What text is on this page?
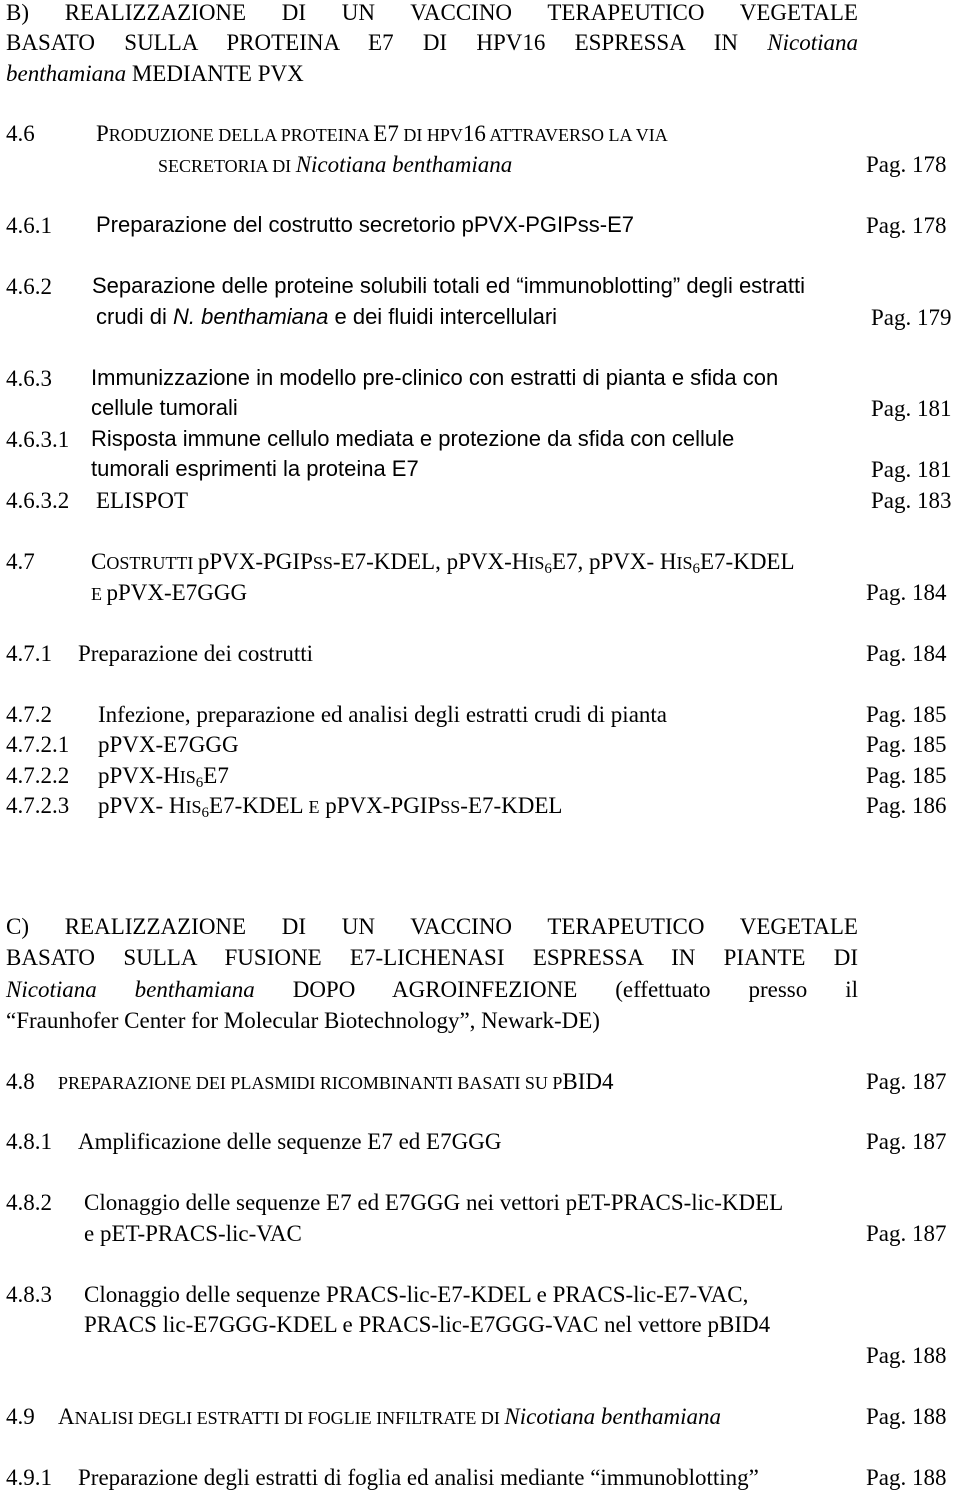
B) REALIZZAZIONE DI UN VACCINO TERAPEUTICO VEGETALE
BASATO SULLA PROTEINA E7 DI HPV16 ESPRESSA IN Nicotiana
benthamiana MEDIANTE PVX
4.6	PRODUZIONE DELLA PROTEINA E7 DI HPV16 ATTRAVERSO LA VIA
SECRETORIA DI Nicotiana benthamiana	Pag. 178
4.6.1 Preparazione del costrutto secretorio pPVX-PGIPss-E7	Pag. 178
4.6.2 Separazione delle proteine solubili totali ed “immunoblotting” degli estratti
crudi di N. benthamiana e dei fluidi intercellulari	Pag. 179
4.6.3 Immunizzazione in modello pre-clinico con estratti di pianta e sfida con
cellule tumorali	Pag. 181
4.6.3.1 Risposta immune cellulo mediata e protezione da sfida con cellule
tumorali esprimenti la proteina E7	Pag. 181
4.6.3.2 ELISPOT	Pag. 183
4.7 COSTRUTTI pPVX-PGIPSS-E7-KDEL, pPVX-$HIS_6E7$, pPVX- $HIS_6E7$-KDEL
E pPVX-E7GGG	Pag. 184
4.7.1 Preparazione dei costrutti	Pag. 184
4.7.2 Infezione, preparazione ed analisi degli estratti crudi di pianta	Pag. 185
4.7.2.1 pPVX-E7GGG	Pag. 185
4.7.2.2 pPVX-$HIS_6E7$	Pag. 185
4.7.2.3 pPVX- $HIS_6E7$-KDEL E pPVX-PGIPSS-E7-KDEL	Pag. 186
C) REALIZZAZIONE DI UN VACCINO TERAPEUTICO VEGETALE
BASATO SULLA FUSIONE E7-LICHENASI ESPRESSA IN PIANTE DI
Nicotiana benthamiana DOPO AGROINFEZIONE (effettuato presso il
“Fraunhofer Center for Molecular Biotechnology”, Newark-DE)
4.8 PREPARAZIONE DEI PLASMIDI RICOMBINANTI BASATI SU PBID4	Pag. 187
4.8.1 Amplificazione delle sequenze E7 ed E7GGG	Pag. 187
4.8.2 Clonaggio delle sequenze E7 ed E7GGG nei vettori pET-PRACS-lic-KDEL
e pET-PRACS-lic-VAC	Pag. 187
4.8.3 Clonaggio delle sequenze PRACS-lic-E7-KDEL e PRACS-lic-E7-VAC,
PRACS lic-E7GGG-KDEL e PRACS-lic-E7GGG-VAC nel vettore pBID4
Pag. 188
4.9 ANALISI DEGLI ESTRATTI DI FOGLIE INFILTRATE DI Nicotiana benthamiana	Pag. 188
4.9.1 Preparazione degli estratti di foglia ed analisi mediante “immunoblotting”	Pag. 188
